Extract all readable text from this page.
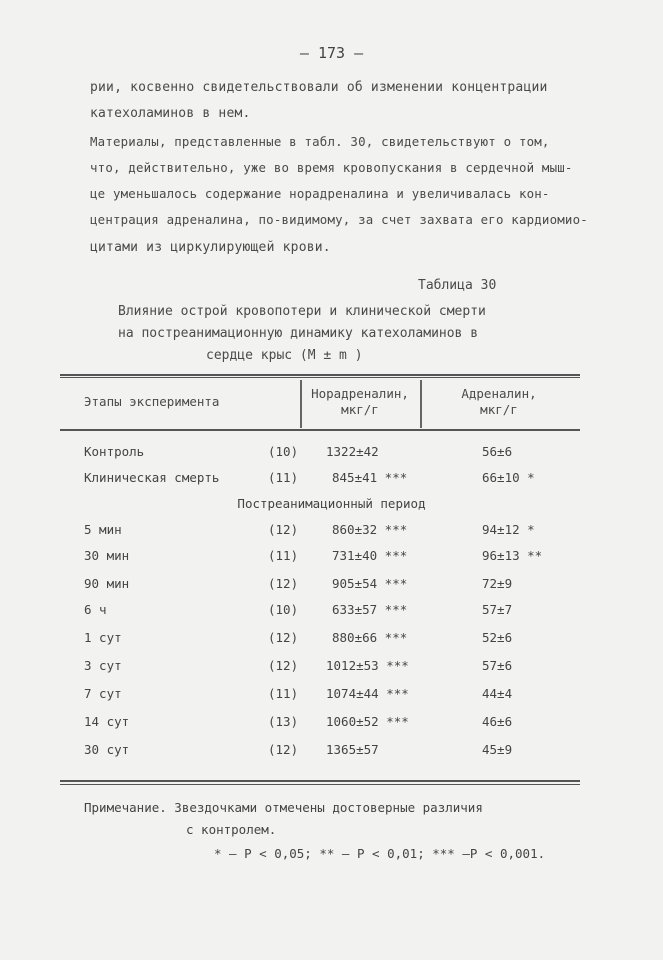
– 173 –
рии, косвенно свидетельствовали об изменении концентрации
катехоламинов в нем.
Материалы, представленные в табл. 30, свидетельствуют о том,
что, действительно, уже во время кровопускания в сердечной мыш-
це уменьшалось содержание норадреналина и увеличивалась кон-
центрация адреналина, по-видимому, за счет захвата его кардиомио-
цитами из циркулирующей крови.
Таблица 30
Влияние острой кровопотери и клинической смерти
на постреанимационную динамику катехоламинов в
сердце крыс (M ± m )
Этапы эксперимента
Норадреналин,
мкг/г
Адреналин,
мкг/г
Контроль	(10) 1322±42	56±6
Клиническая смерть	(11)	845±41 ***	66±10 *
Постреанимационный период
5 мин	(12)	860±32 ***	94±12 *
30 мин	(11)	731±40 ***	96±13 **
90 мин	(12)	905±54 ***	72±9
6 ч	(10)	633±57 ***	57±7
1 сут	(12)	880±66 ***	52±6
3 сут	(12) 1012±53 ***	57±6
7 сут	(11) 1074±44 ***	44±4
14 сут	(13) 1060±52 ***	46±6
30 сут	(12) 1365±57	45±9
Примечание. Звездочками отмечены достоверные различия
с контролем.
* – P < 0,05; ** – P < 0,01; *** –P < 0,001.
